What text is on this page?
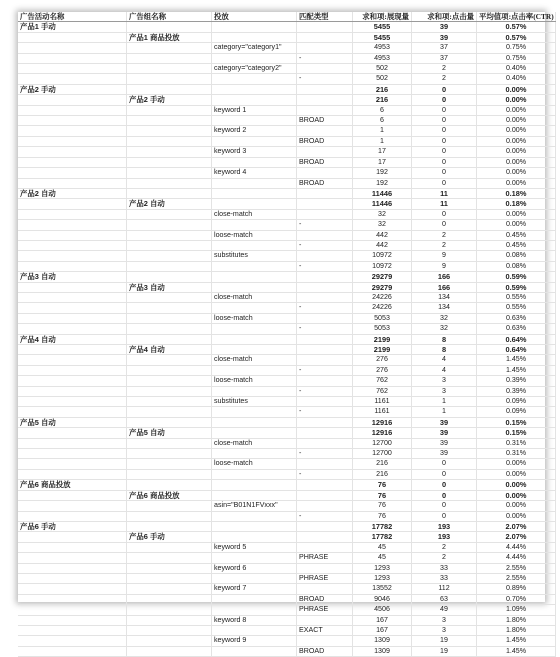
广告活动名称	广告组名称	投放	匹配类型	求和项:展现量	求和项:点击量	平均值项:点击率(CTR)
产品1 手动				5455	39	0.57%
	产品1 商品投放			5455	39	0.57%
		category="category1"		4953	37	0.75%
			-	4953	37	0.75%
		category="category2"		502	2	0.40%
			-	502	2	0.40%
产品2 手动				216	0	0.00%
	产品2 手动			216	0	0.00%
		keyword 1		6	0	0.00%
			BROAD	6	0	0.00%
		keyword 2		1	0	0.00%
			BROAD	1	0	0.00%
		keyword 3		17	0	0.00%
			BROAD	17	0	0.00%
		keyword 4		192	0	0.00%
			BROAD	192	0	0.00%
产品2 自动				11446	11	0.18%
	产品2 自动			11446	11	0.18%
		close-match		32	0	0.00%
			-	32	0	0.00%
		loose-match		442	2	0.45%
			-	442	2	0.45%
		substitutes		10972	9	0.08%
			-	10972	9	0.08%
产品3 自动				29279	166	0.59%
	产品3 自动			29279	166	0.59%
		close-match		24226	134	0.55%
			-	24226	134	0.55%
		loose-match		5053	32	0.63%
			-	5053	32	0.63%
产品4 自动				2199	8	0.64%
	产品4 自动			2199	8	0.64%
		close-match		276	4	1.45%
			-	276	4	1.45%
		loose-match		762	3	0.39%
			-	762	3	0.39%
		substitutes		1161	1	0.09%
			-	1161	1	0.09%
产品5 自动				12916	39	0.15%
	产品5 自动			12916	39	0.15%
		close-match		12700	39	0.31%
			-	12700	39	0.31%
		loose-match		216	0	0.00%
			-	216	0	0.00%
产品6 商品投放				76	0	0.00%
	产品6 商品投放			76	0	0.00%
		asin="B01N1FVxxx"		76	0	0.00%
			-	76	0	0.00%
产品6 手动				17782	193	2.07%
	产品6 手动			17782	193	2.07%
		keyword 5		45	2	4.44%
			PHRASE	45	2	4.44%
		keyword 6		1293	33	2.55%
			PHRASE	1293	33	2.55%
		keyword 7		13552	112	0.89%
			BROAD	9046	63	0.70%
			PHRASE	4506	49	1.09%
		keyword 8		167	3	1.80%
			EXACT	167	3	1.80%
		keyword 9		1309	19	1.45%
			BROAD	1309	19	1.45%
